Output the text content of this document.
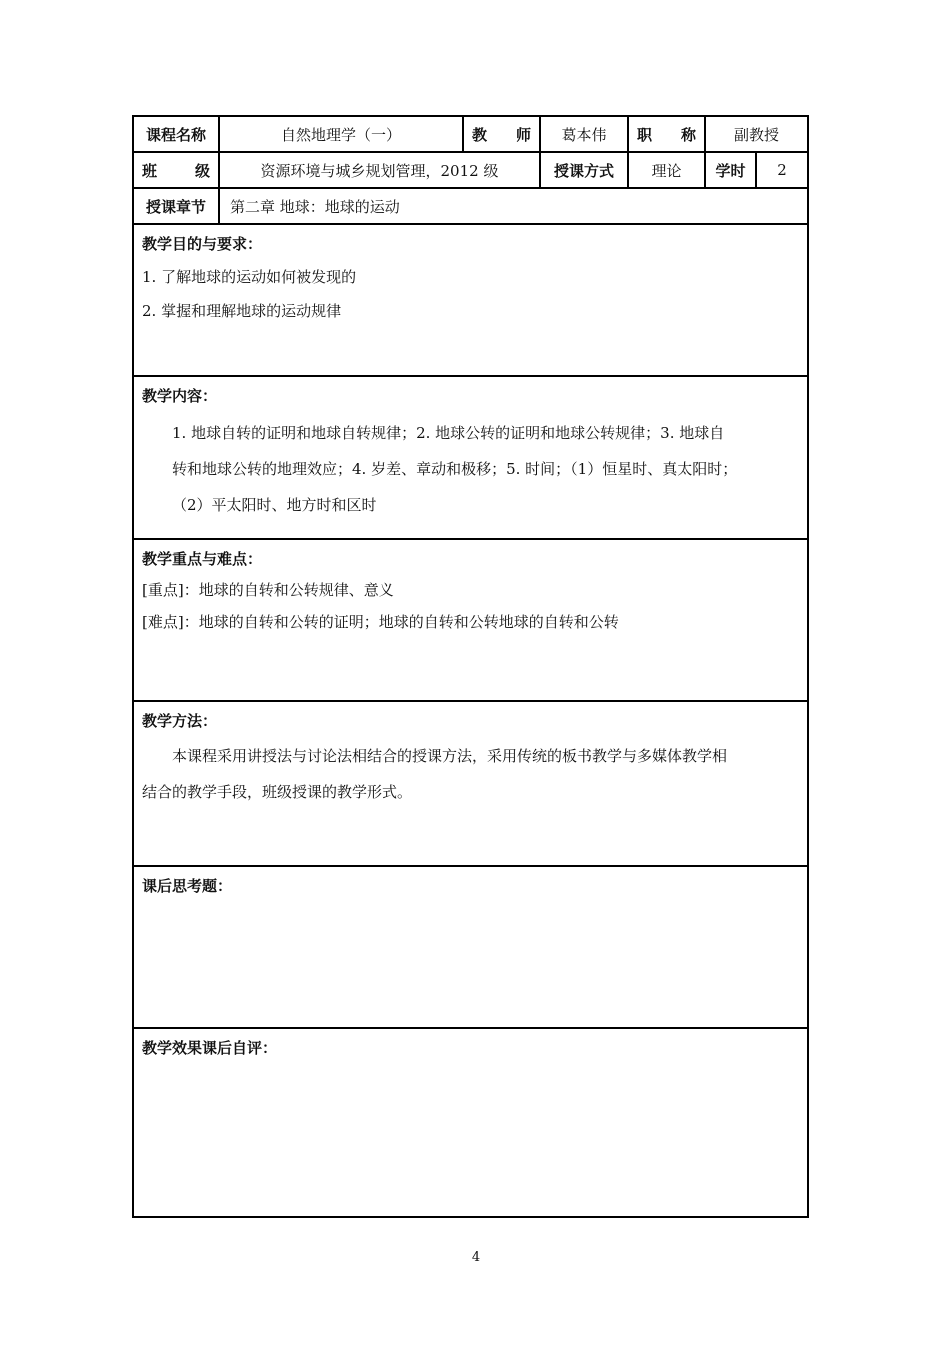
课程名称	自然地理学（一）	教 师	葛本伟	职 称	副教授	

班 级	资源环境与城乡规划管理，2012 级		授课方式	理论	学时	2
授课章节	第二章 地球：地球的运动					

教学目的与要求：
1. 了解地球的运动如何被发现的
2. 掌握和理解地球的运动规律						

教学内容：
1. 地球自转的证明和地球自转规律；2. 地球公转的证明和地球公转规律；3. 地球自
转和地球公转的地理效应；4. 岁差、章动和极移；5. 时间；（1）恒星时、真太阳时；
（2）平太阳时、地方时和区时						

教学重点与难点：
[重点]：地球的自转和公转规律、意义
[难点]：地球的自转和公转的证明；地球的自转和公转地球的自转和公转						

教学方法：
本课程采用讲授法与讨论法相结合的授课方法，采用传统的板书教学与多媒体教学相
结合的教学手段，班级授课的教学形式。						

课后思考题：						

教学效果课后自评：						
4
